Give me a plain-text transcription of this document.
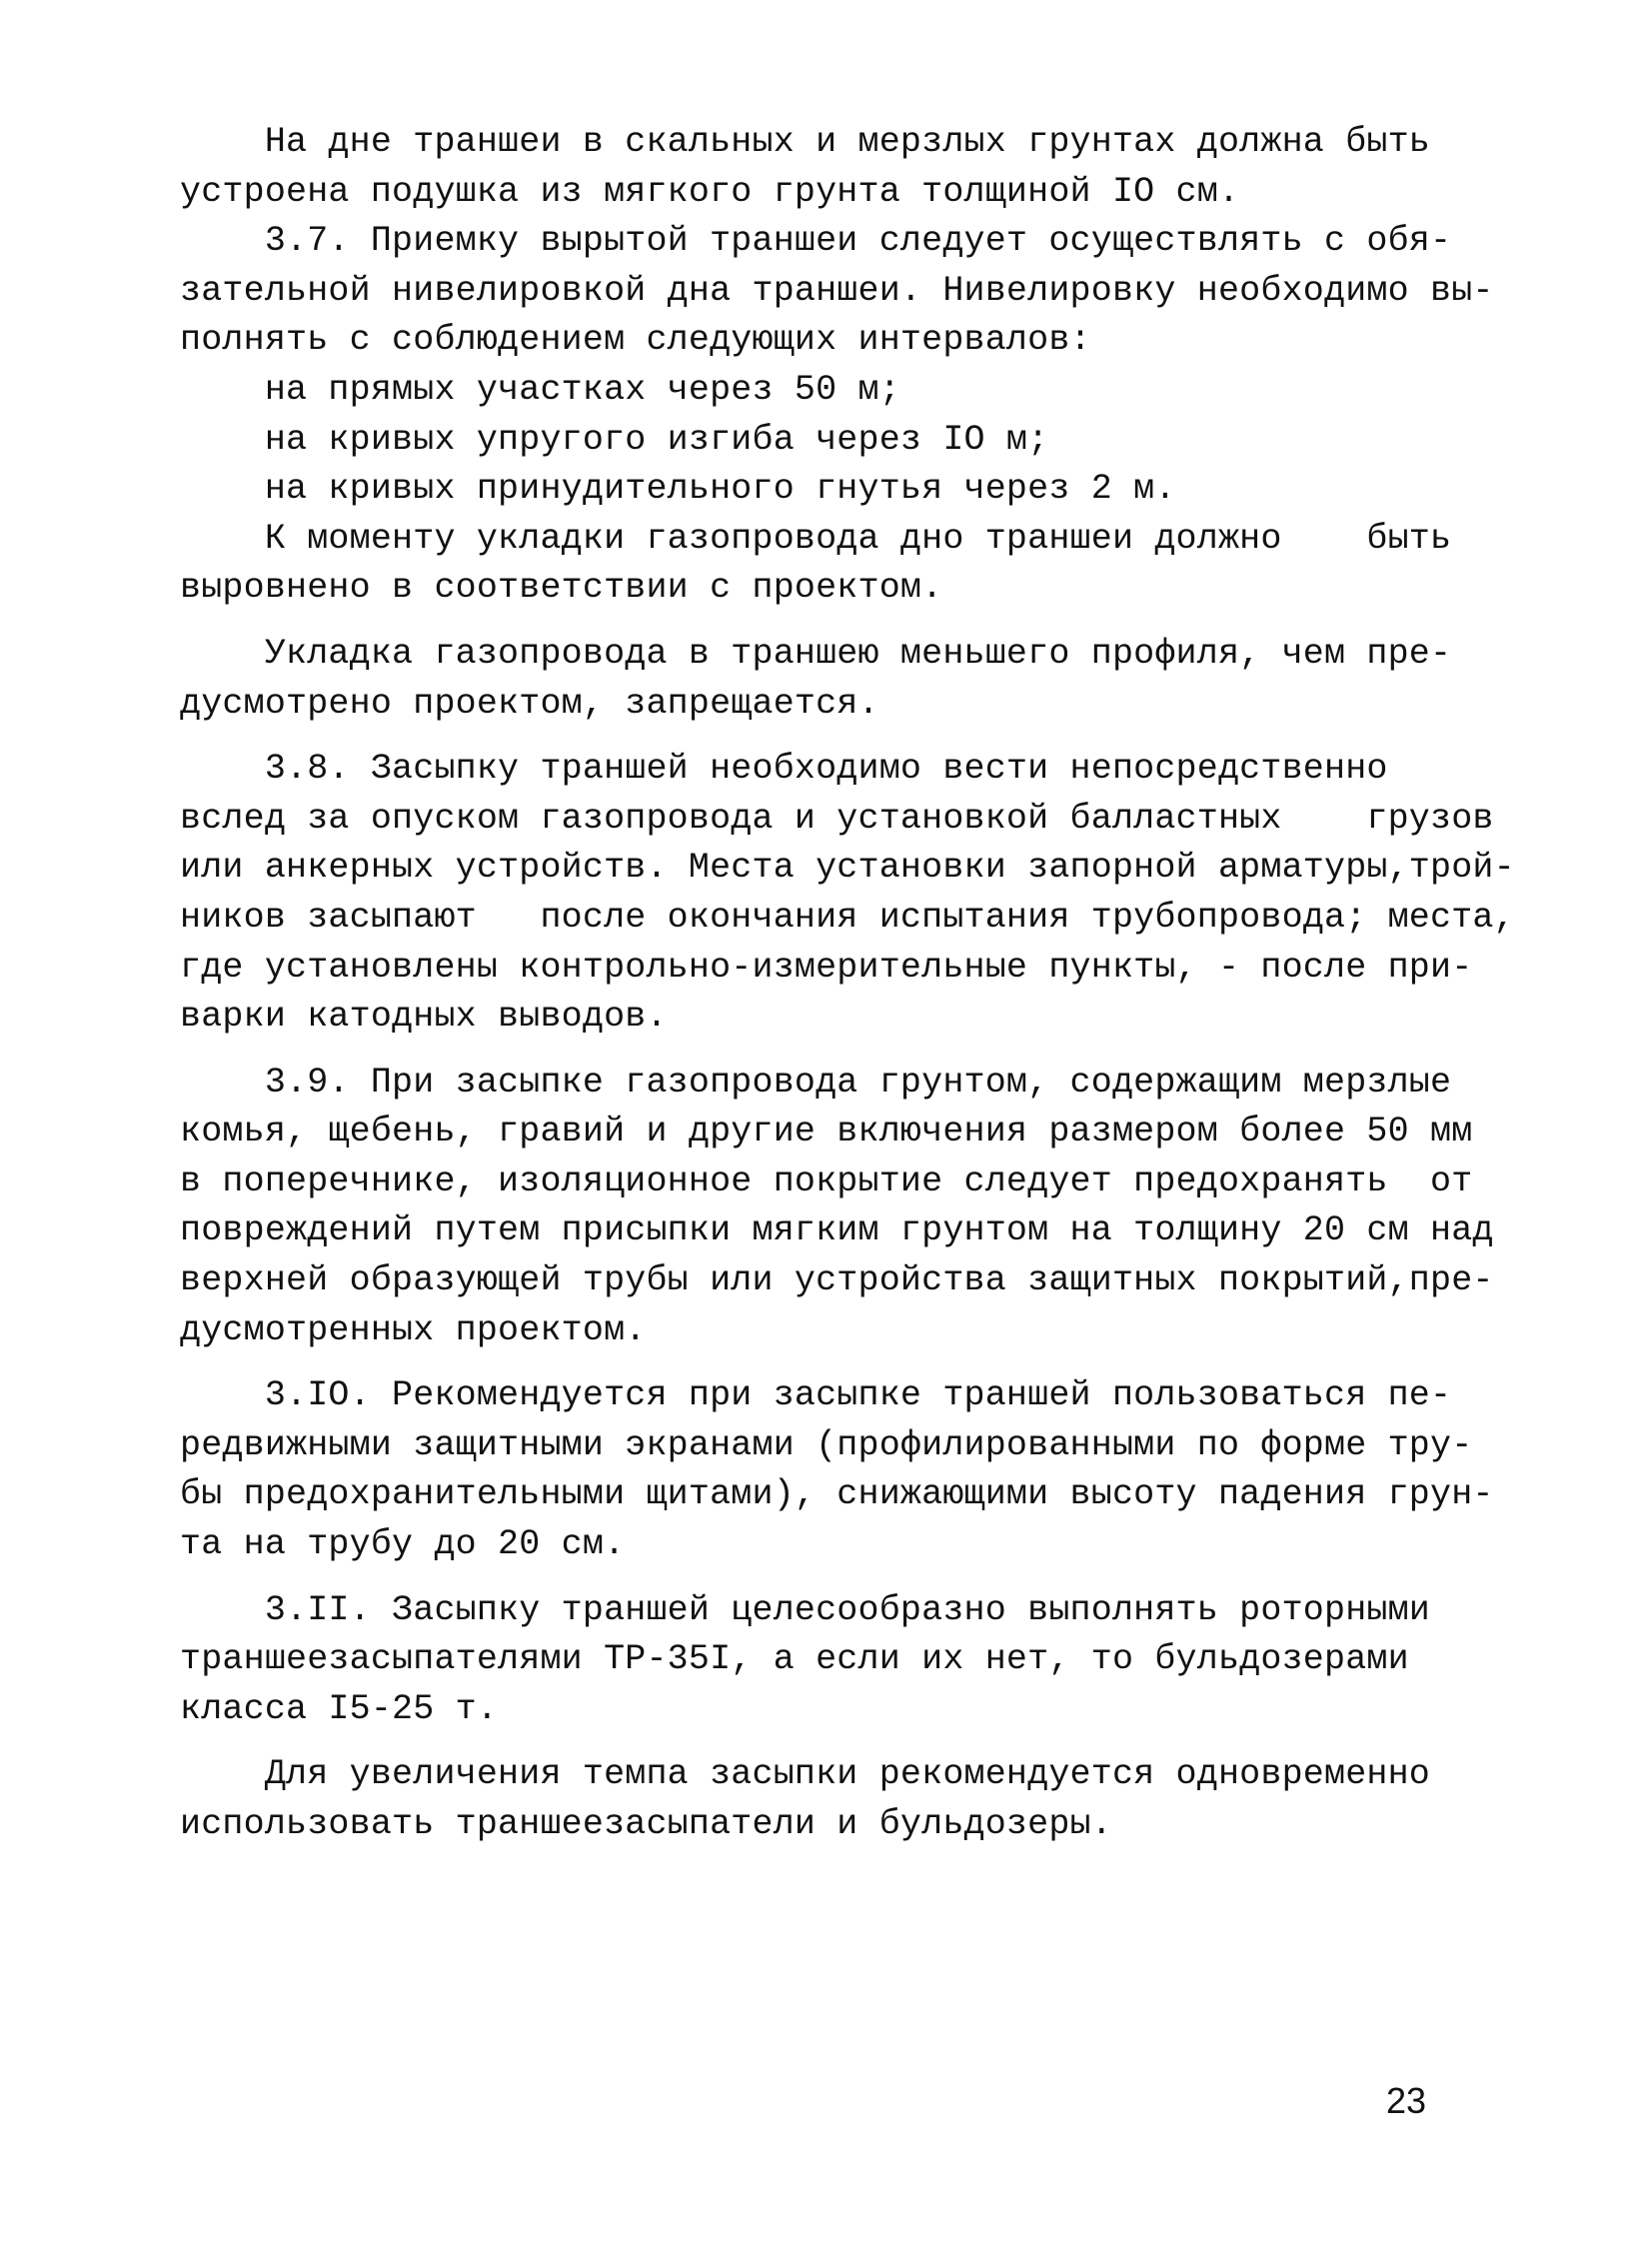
На дне траншеи в скальных и мерзлых грунтах должна быть
устроена подушка из мягкого грунта толщиной IO см.
3.7. Приемку вырытой траншеи следует осуществлять с обя-
зательной нивелировкой дна траншеи. Нивелировку необходимо вы-
полнять с соблюдением следующих интервалов:
на прямых участках через 50 м;
на кривых упругого изгиба через IO м;
на кривых принудительного гнутья через 2 м.
К моменту укладки газопровода дно траншеи должно    быть
выровнено в соответствии с проектом.
Укладка газопровода в траншею меньшего профиля, чем пре-
дусмотрено проектом, запрещается.
3.8. Засыпку траншей необходимо вести непосредственно
вслед за опуском газопровода и установкой балластных    грузов
или анкерных устройств. Места установки запорной арматуры,трой-
ников засыпают   после окончания испытания трубопровода; места,
где установлены контрольно-измерительные пункты, - после при-
варки катодных выводов.
3.9. При засыпке газопровода грунтом, содержащим мерзлые
комья, щебень, гравий и другие включения размером более 50 мм
в поперечнике, изоляционное покрытие следует предохранять  от
повреждений путем присыпки мягким грунтом на толщину 20 см над
верхней образующей трубы или устройства защитных покрытий,пре-
дусмотренных проектом.
3.IO. Рекомендуется при засыпке траншей пользоваться пе-
редвижными защитными экранами (профилированными по форме тру-
бы предохранительными щитами), снижающими высоту падения грун-
та на трубу до 20 см.
3.II. Засыпку траншей целесообразно выполнять роторными
траншеезасыпателями ТР-35I, а если их нет, то бульдозерами
класса I5-25 т.
Для увеличения темпа засыпки рекомендуется одновременно
использовать траншеезасыпатели и бульдозеры.
23
